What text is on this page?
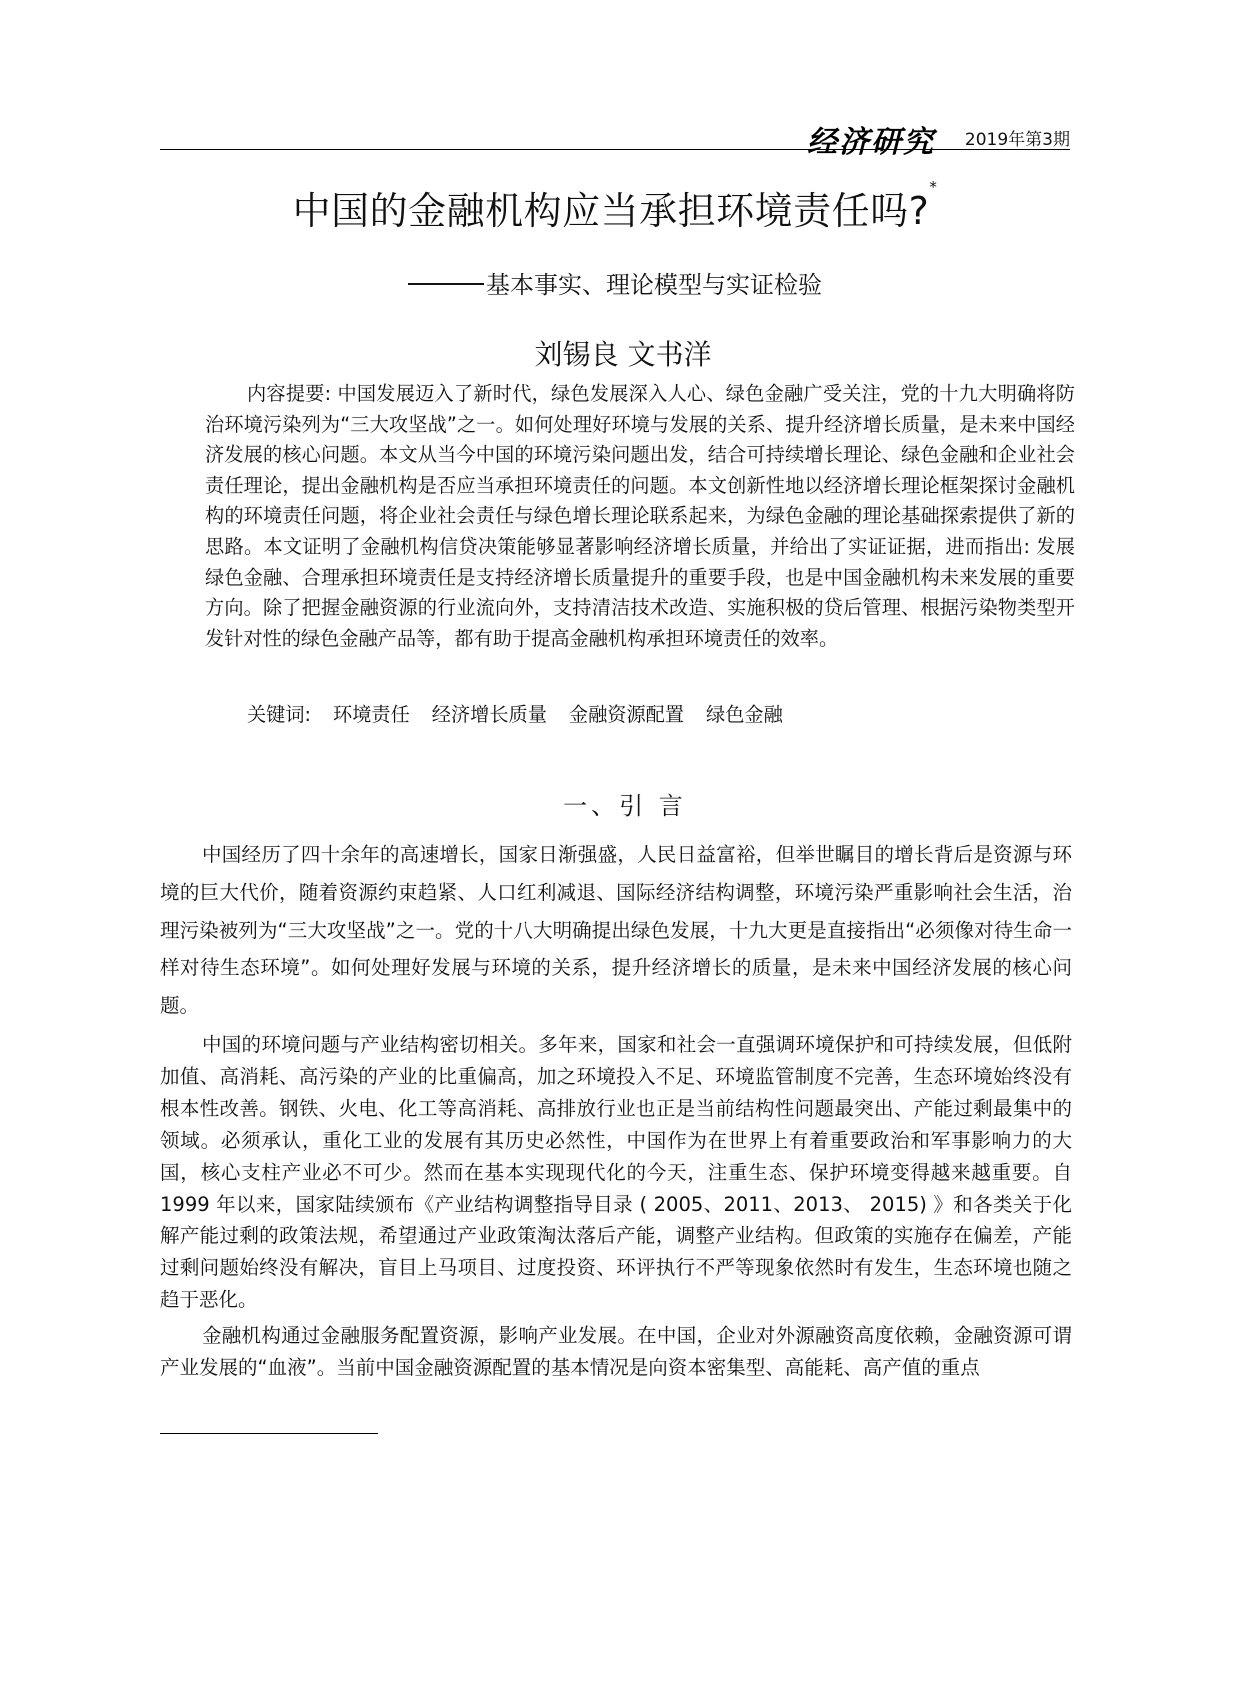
经济研究 2019年第3期
中国的金融机构应当承担环境责任吗?*
基本事实、理论模型与实证检验
刘锡良 文书洋

内容提要: 中国发展迈入了新时代，绿色发展深入人心、绿色金融广受关注，党的十九大明确将防治环境污染列为“三大攻坚战”之一。如何处理好环境与发展的关系、提升经济增长质量，是未来中国经济发展的核心问题。本文从当今中国的环境污染问题出发，结合可持续增长理论、绿色金融和企业社会责任理论，提出金融机构是否应当承担环境责任的问题。本文创新性地以经济增长理论框架探讨金融机构的环境责任问题，将企业社会责任与绿色增长理论联系起来，为绿色金融的理论基础探索提供了新的思路。本文证明了金融机构信贷决策能够显著影响经济增长质量，并给出了实证证据，进而指出: 发展绿色金融、合理承担环境责任是支持经济增长质量提升的重要手段，也是中国金融机构未来发展的重要方向。除了把握金融资源的行业流向外，支持清洁技术改造、实施积极的贷后管理、根据污染物类型开发针对性的绿色金融产品等，都有助于提高金融机构承担环境责任的效率。

关键词: 环境责任 经济增长质量 金融资源配置 绿色金融
一、引 言

中国经历了四十余年的高速增长，国家日渐强盛，人民日益富裕，但举世瞩目的增长背后是资源与环境的巨大代价，随着资源约束趋紧、人口红利减退、国际经济结构调整，环境污染严重影响社会生活，治理污染被列为“三大攻坚战”之一。党的十八大明确提出绿色发展，十九大更是直接指出“必须像对待生命一样对待生态环境”。如何处理好发展与环境的关系，提升经济增长的质量，是未来中国经济发展的核心问题。

中国的环境问题与产业结构密切相关。多年来，国家和社会一直强调环境保护和可持续发展，但低附加值、高消耗、高污染的产业的比重偏高，加之环境投入不足、环境监管制度不完善，生态环境始终没有根本性改善。钢铁、火电、化工等高消耗、高排放行业也正是当前结构性问题最突出、产能过剩最集中的领域。必须承认，重化工业的发展有其历史必然性，中国作为在世界上有着重要政治和军事影响力的大国，核心支柱产业必不可少。然而在基本实现现代化的今天，注重生态、保护环境变得越来越重要。自 1999 年以来，国家陆续颁布《产业结构调整指导目录 ( 2005、2011、2013、 2015) 》和各类关于化解产能过剩的政策法规，希望通过产业政策淘汰落后产能，调整产业结构。但政策的实施存在偏差，产能过剩问题始终没有解决，盲目上马项目、过度投资、环评执行不严等现象依然时有发生，生态环境也随之趋于恶化。

金融机构通过金融服务配置资源，影响产业发展。在中国，企业对外源融资高度依赖，金融资源可谓产业发展的“血液”。当前中国金融资源配置的基本情况是向资本密集型、高能耗、高产值的重点
